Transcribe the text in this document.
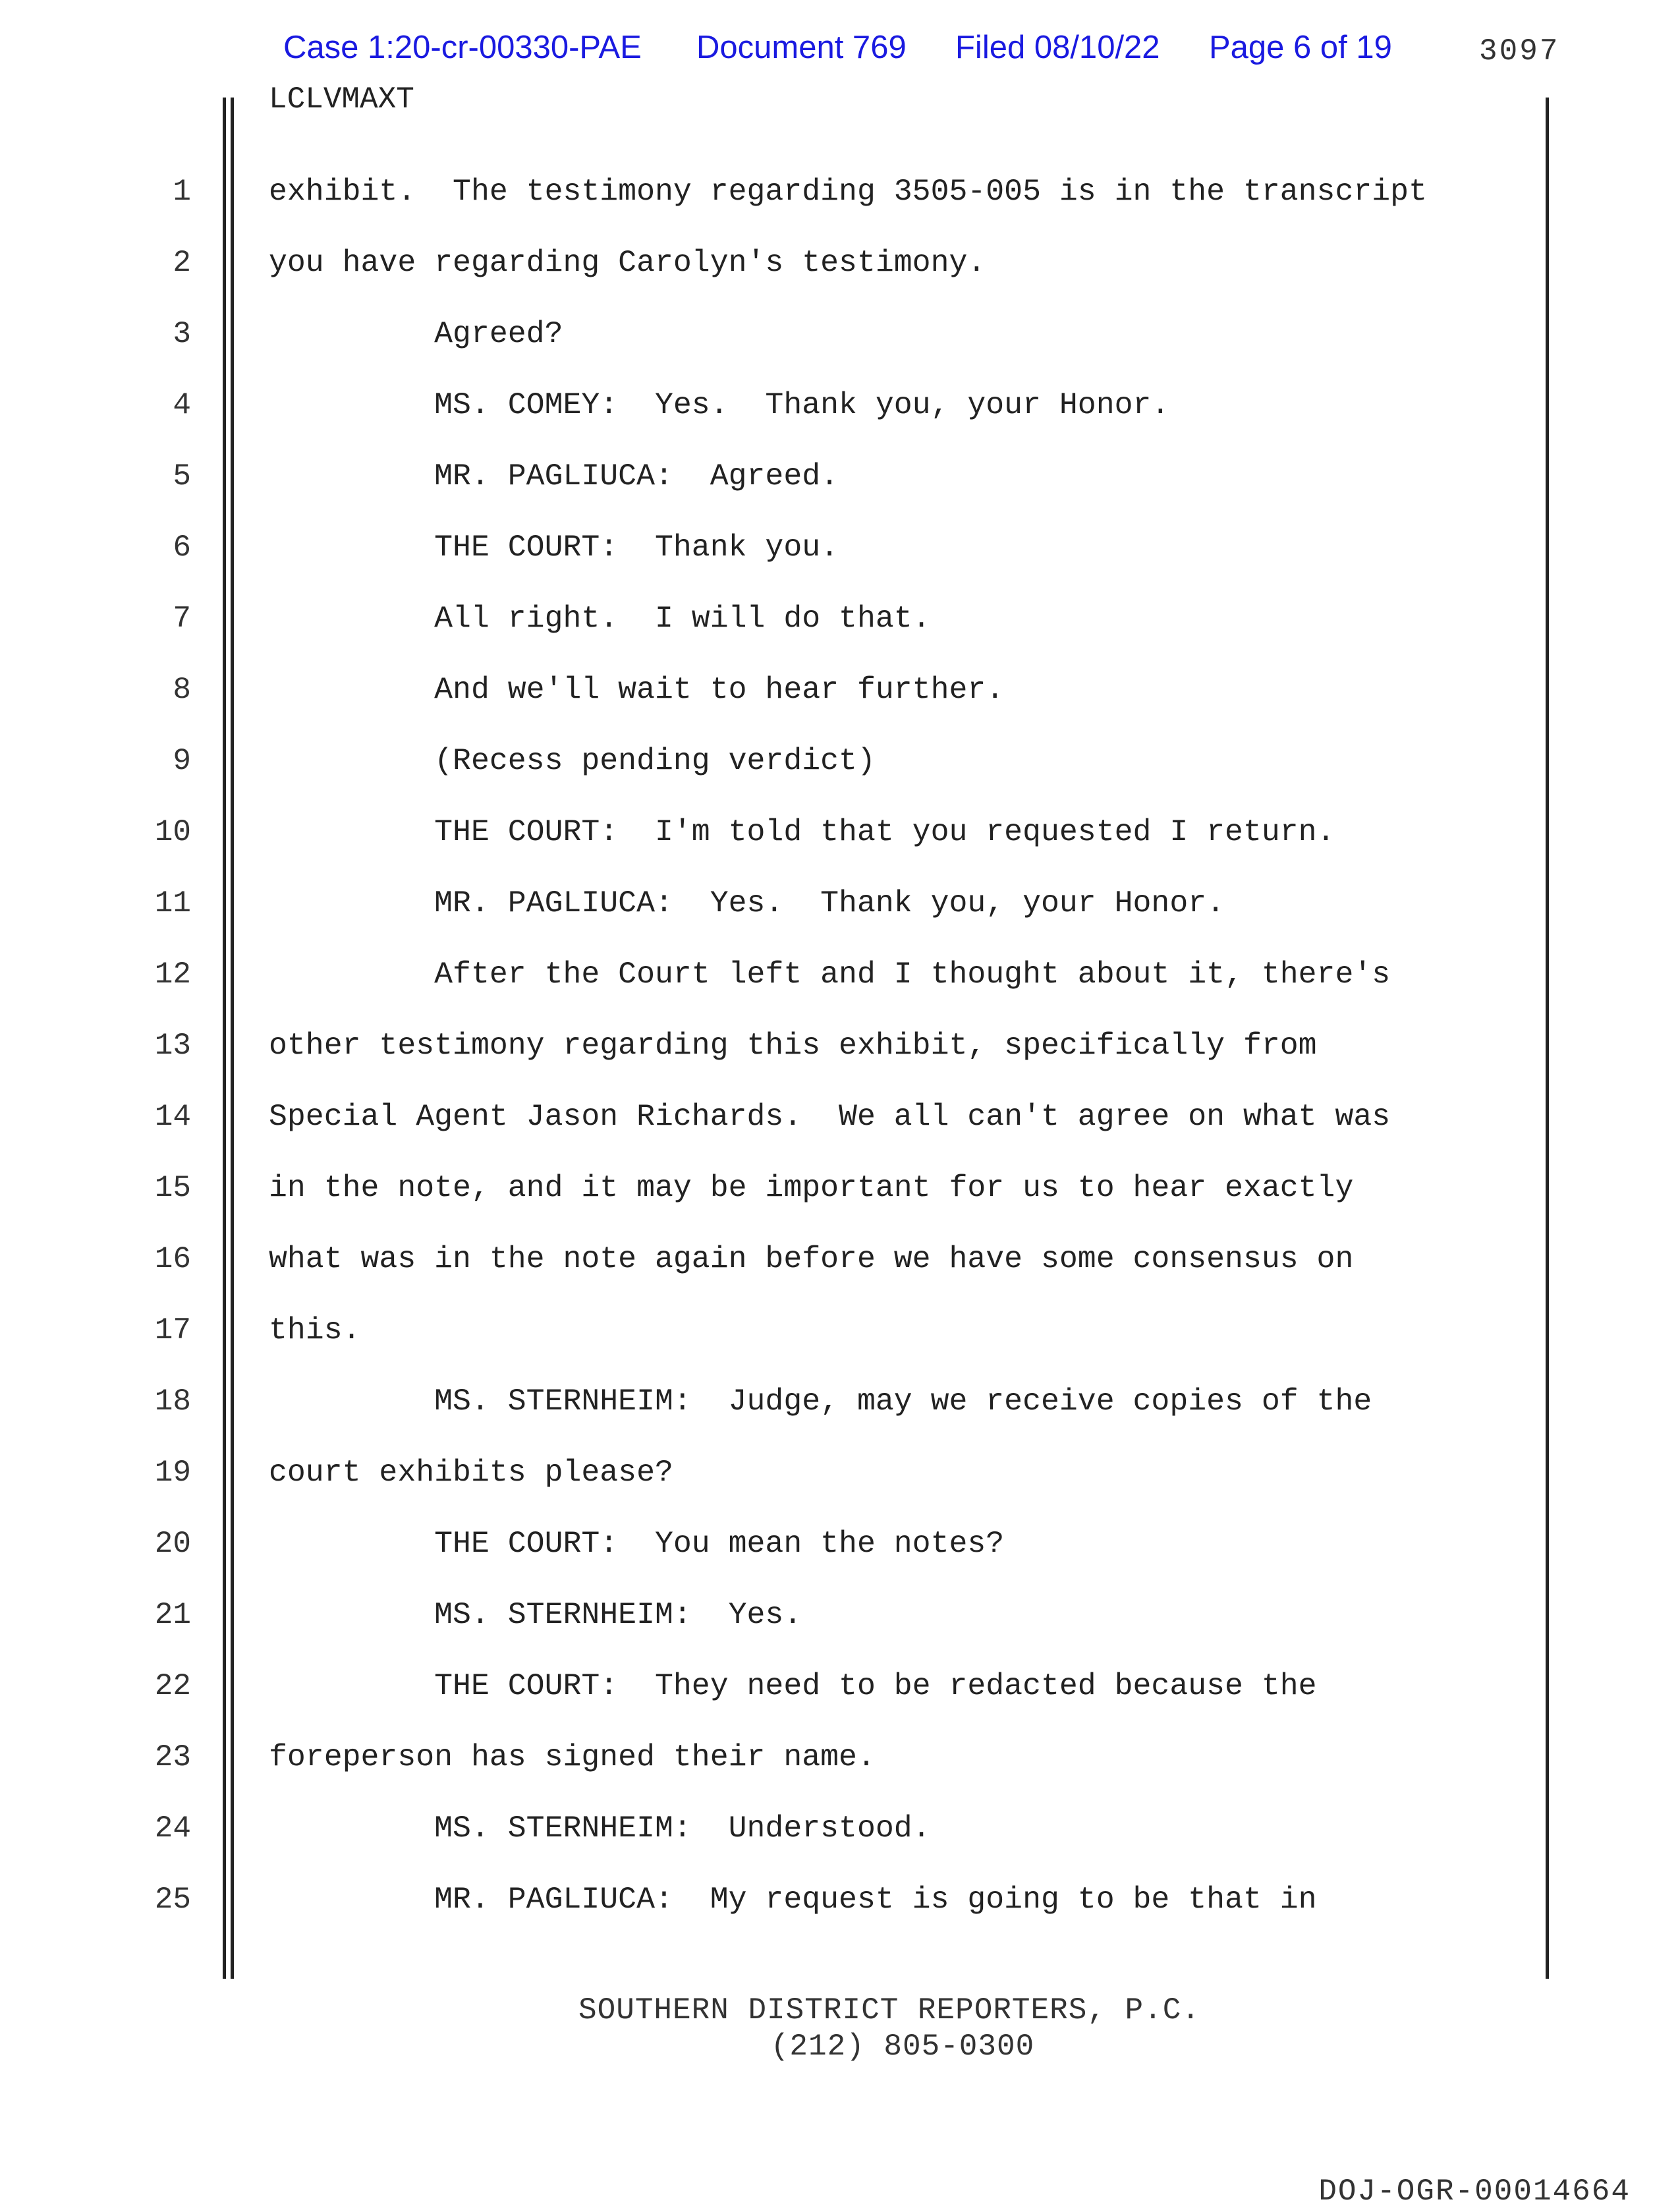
Case 1:20-cr-00330-PAE Document 769 Filed 08/10/22 Page 6 of 19	3097
LCLVMAXT
1	exhibit.  The testimony regarding 3505-005 is in the transcript
2	you have regarding Carolyn's testimony.
3	Agreed?
4	MS. COMEY:  Yes.  Thank you, your Honor.
5	MR. PAGLIUCA:  Agreed.
6	THE COURT:  Thank you.
7	All right.  I will do that.
8	And we'll wait to hear further.
9	(Recess pending verdict)
10	THE COURT:  I'm told that you requested I return.
11	MR. PAGLIUCA:  Yes.  Thank you, your Honor.
12	After the Court left and I thought about it, there's
13	other testimony regarding this exhibit, specifically from
14	Special Agent Jason Richards.  We all can't agree on what was
15	in the note, and it may be important for us to hear exactly
16	what was in the note again before we have some consensus on
17	this.
18	MS. STERNHEIM:  Judge, may we receive copies of the
19	court exhibits please?
20	THE COURT:  You mean the notes?
21	MS. STERNHEIM:  Yes.
22	THE COURT:  They need to be redacted because the
23	foreperson has signed their name.
24	MS. STERNHEIM:  Understood.
25	MR. PAGLIUCA:  My request is going to be that in
SOUTHERN DISTRICT REPORTERS, P.C.
(212) 805-0300
DOJ-OGR-00014664
